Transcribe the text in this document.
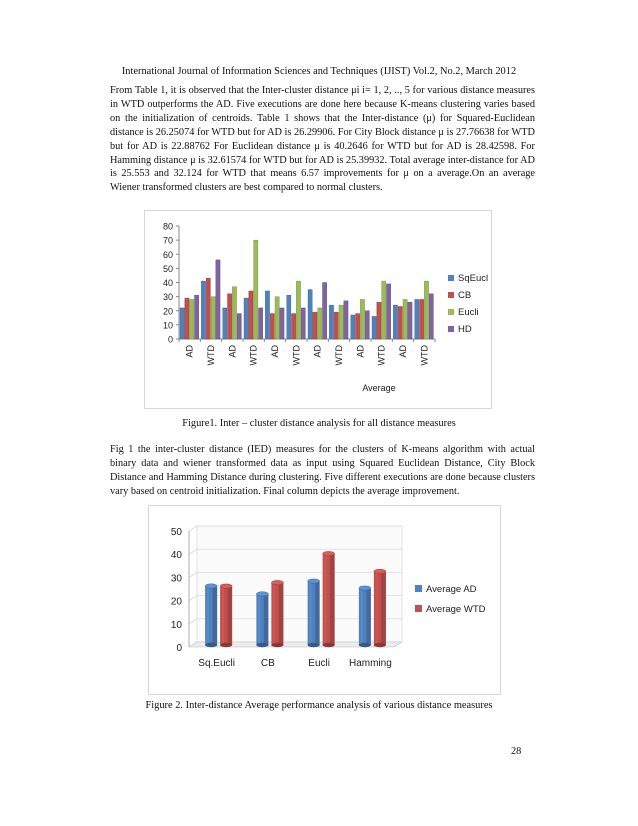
International Journal of Information Sciences and Techniques (IJIST) Vol.2, No.2, March 2012

From Table 1, it is observed that the Inter-cluster distance μi i= 1, 2, .., 5 for various distance measures in WTD outperforms the AD. Five executions are done here because K-means clustering varies based on the initialization of centroids. Table 1 shows that the Inter-distance (μ) for Squared-Euclidean distance is 26.25074 for WTD but for AD is 26.29906. For City Block distance μ is 27.76638 for WTD but for AD is 22.88762 For Euclidean distance μ is 40.2646 for WTD but for AD is 28.42598. For Hamming distance μ is 32.61574 for WTD but for AD is 25.39932. Total average inter-distance for AD is 25.553 and 32.124 for WTD that means 6.57 improvements for μ on a average.On an average Wiener transformed clusters are best compared to normal clusters.

0
10
20
30
40
50
60
70
80
AD WTD AD WTD AD WTD AD WTD AD WTD AD WTD
Average
SqEucl
CB
Eucli
HD
Figure1. Inter – cluster distance analysis for all distance measures

Fig 1 the inter-cluster distance (IED) measures for the clusters of K-means algorithm with actual binary data and wiener transformed data as input using Squared Euclidean Distance, City Block Distance and Hamming Distance during clustering. Five different executions are done because clusters vary based on centroid initialization. Final column depicts the average improvement.

0
10
20
30
40
50
Sq.Eucli	CB	Eucli Hamming
Average AD
Average WTD
Figure 2. Inter-distance Average performance analysis of various distance measures
28
